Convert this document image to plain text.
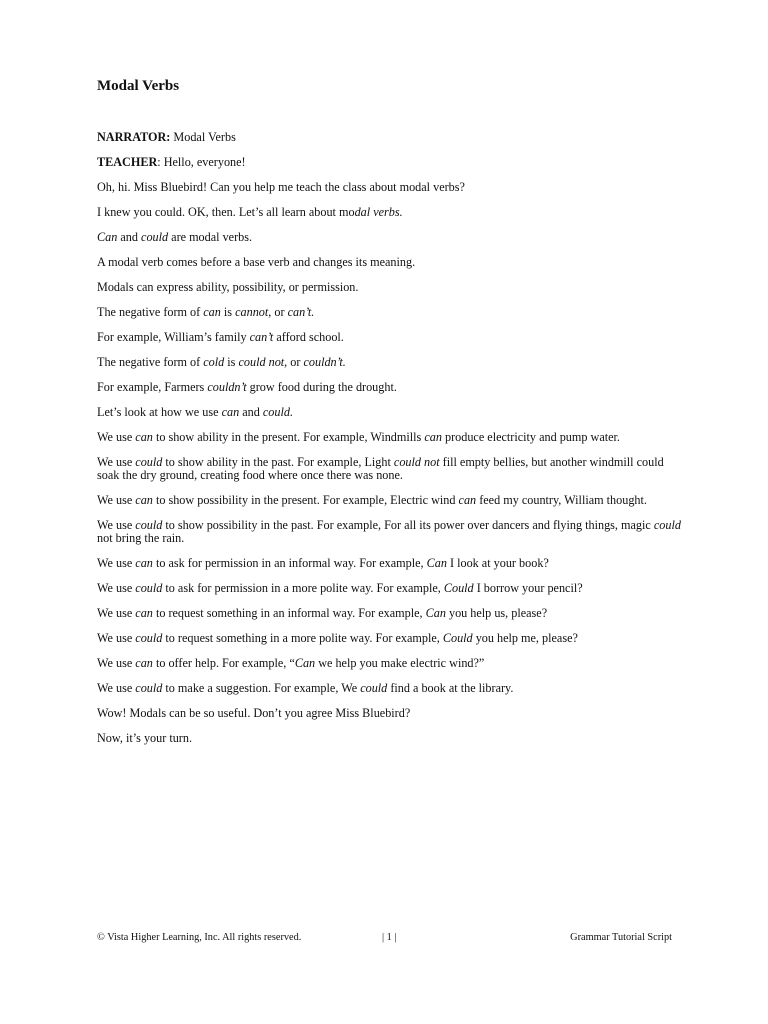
Modal Verbs

NARRATOR: Modal Verbs

TEACHER: Hello, everyone!

Oh, hi. Miss Bluebird! Can you help me teach the class about modal verbs?

I knew you could. OK, then. Let’s all learn about modal verbs.

Can and could are modal verbs.

A modal verb comes before a base verb and changes its meaning.

Modals can express ability, possibility, or permission.

The negative form of can is cannot, or can’t.

For example, William’s family can’t afford school.

The negative form of cold is could not, or couldn’t.

For example, Farmers couldn’t grow food during the drought.

Let’s look at how we use can and could.

We use can to show ability in the present. For example, Windmills can produce electricity and pump water.

We use could to show ability in the past. For example, Light could not fill empty bellies, but another windmill could soak the dry ground, creating food where once there was none.

We use can to show possibility in the present. For example, Electric wind can feed my country, William thought.

We use could to show possibility in the past. For example, For all its power over dancers and flying things, magic could not bring the rain.

We use can to ask for permission in an informal way. For example, Can I look at your book?

We use could to ask for permission in a more polite way. For example, Could I borrow your pencil?

We use can to request something in an informal way. For example, Can you help us, please?

We use could to request something in a more polite way. For example, Could you help me, please?

We use can to offer help. For example, “Can we help you make electric wind?”

We use could to make a suggestion. For example, We could find a book at the library.

Wow! Modals can be so useful. Don’t you agree Miss Bluebird?

Now, it’s your turn.

© Vista Higher Learning, Inc. All rights reserved.	| 1 |	Grammar Tutorial Script
